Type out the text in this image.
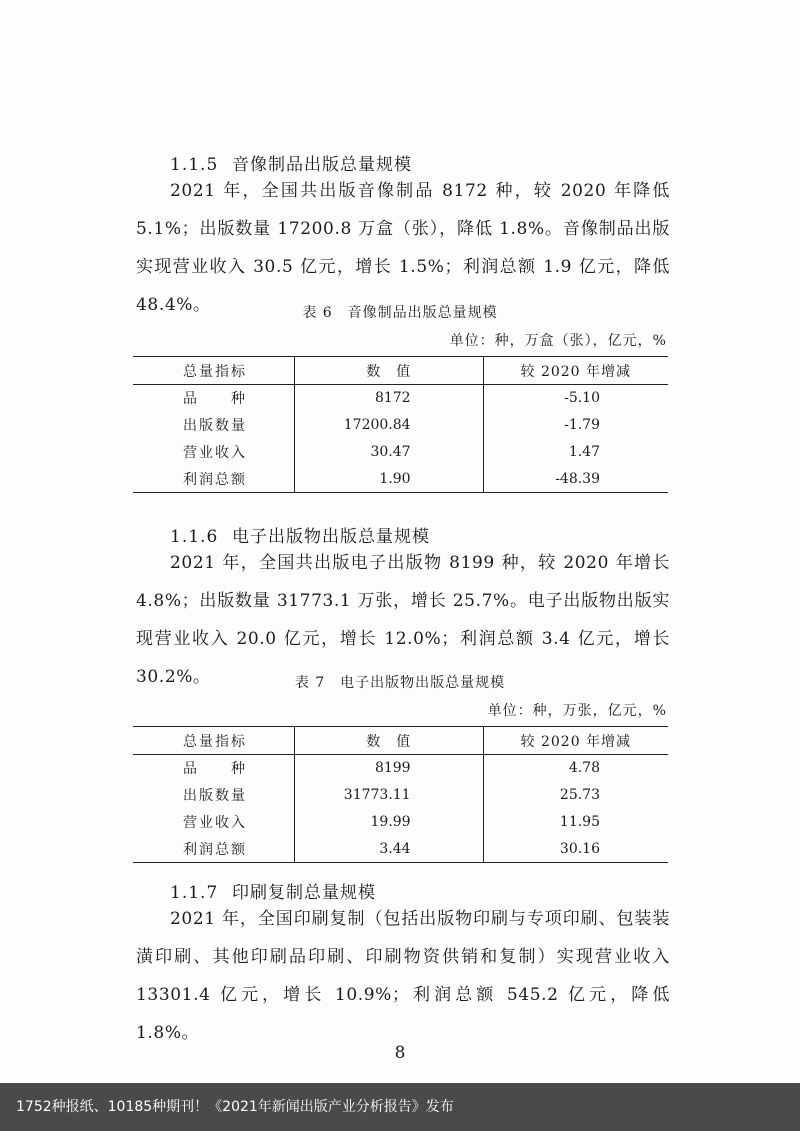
1.1.5 音像制品出版总量规模
2021 年，全国共出版音像制品 8172 种，较 2020 年降低 5.1%；出版数量 17200.8 万盒（张），降低 1.8%。音像制品出版实现营业收入 30.5 亿元，增长 1.5%；利润总额 1.9 亿元，降低 48.4%。	表 6　音像制品出版总量规模
单位：种，万盒（张），亿元，%
总量指标	数　值	较 2020 年增减
品　　种	8172	-5.10
出版数量	17200.84	-1.79
营业收入	30.47	1.47
利润总额	1.90	-48.39
1.1.6 电子出版物出版总量规模
2021 年，全国共出版电子出版物 8199 种，较 2020 年增长 4.8%；出版数量 31773.1 万张，增长 25.7%。电子出版物出版实现营业收入 20.0 亿元，增长 12.0%；利润总额 3.4 亿元，增长 30.2%。	表 7　电子出版物出版总量规模
单位：种，万张，亿元，%
总量指标	数　值	较 2020 年增减
品　　种	8199	4.78
出版数量	31773.11	25.73
营业收入	19.99	11.95
利润总额	3.44	30.16
1.1.7 印刷复制总量规模
2021 年，全国印刷复制（包括出版物印刷与专项印刷、包装装潢印刷、其他印刷品印刷、印刷物资供销和复制）实现营业收入 13301.4 亿元，增长 10.9%；利润总额 545.2 亿元，降低 1.8%。
8
1752种报纸、10185种期刊！《2021年新闻出版产业分析报告》发布
